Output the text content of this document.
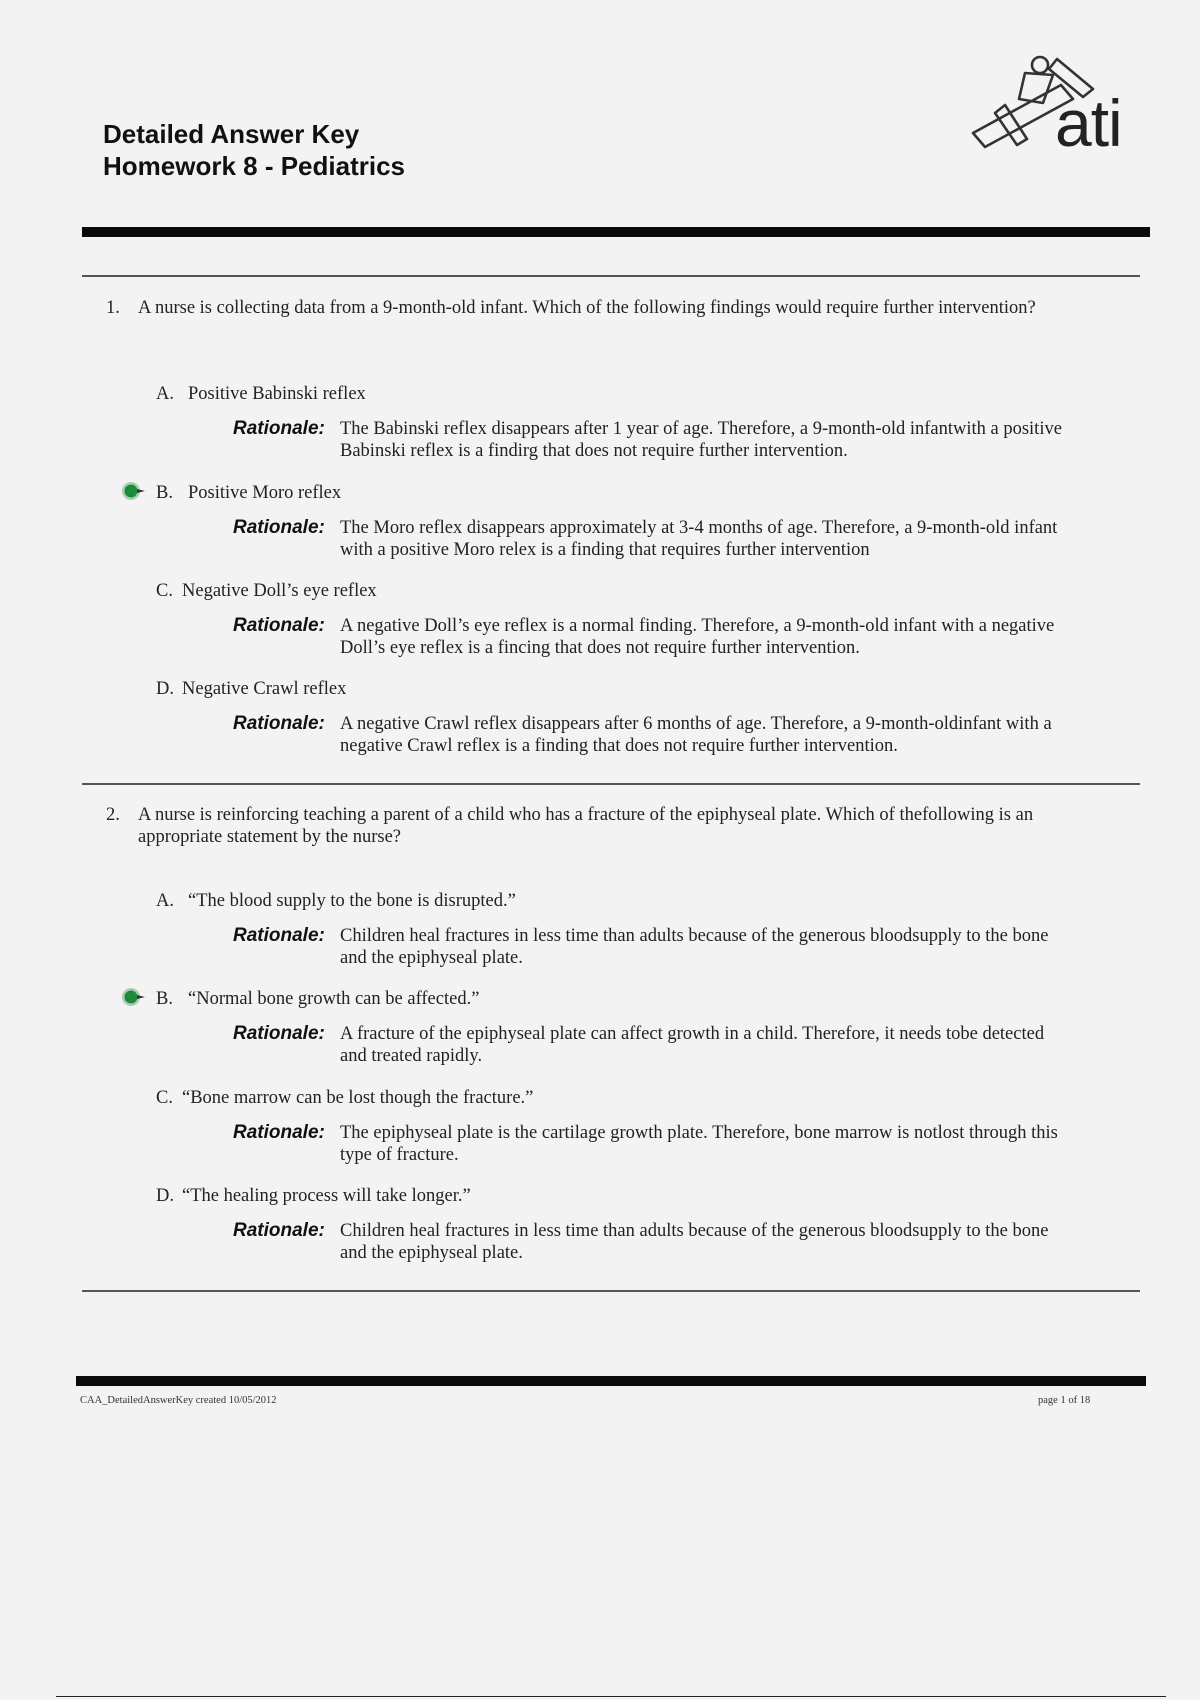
Detailed Answer Key
Homework 8 - Pediatrics
ati
1. A nurse is collecting data from a 9-month-old infant. Which of the following findings would require further intervention?
A. Positive Babinski reflex
Rationale: The Babinski reflex disappears after 1 year of age. Therefore, a 9-month-old infantwith a positive Babinski reflex is a findirg that does not require further intervention.
B. Positive Moro reflex
Rationale: The Moro reflex disappears approximately at 3-4 months of age. Therefore, a 9-month-old infant with a positive Moro relex is a finding that requires further intervention
C. Negative Doll’s eye reflex
Rationale: A negative Doll’s eye reflex is a normal finding. Therefore, a 9-month-old infant with a negative Doll’s eye reflex is a fincing that does not require further intervention.
D. Negative Crawl reflex
Rationale: A negative Crawl reflex disappears after 6 months of age. Therefore, a 9-month-oldinfant with a negative Crawl reflex is a finding that does not require further intervention.
2. A nurse is reinforcing teaching a parent of a child who has a fracture of the epiphyseal plate. Which of thefollowing is an appropriate statement by the nurse?
A. “The blood supply to the bone is disrupted.”
Rationale: Children heal fractures in less time than adults because of the generous bloodsupply to the bone and the epiphyseal plate.
B. “Normal bone growth can be affected.”
Rationale: A fracture of the epiphyseal plate can affect growth in a child. Therefore, it needs tobe detected and treated rapidly.
C. “Bone marrow can be lost though the fracture.”
Rationale: The epiphyseal plate is the cartilage growth plate. Therefore, bone marrow is notlost through this type of fracture.
D. “The healing process will take longer.”
Rationale: Children heal fractures in less time than adults because of the generous bloodsupply to the bone and the epiphyseal plate.
CAA_DetailedAnswerKey created 10/05/2012	page 1 of 18
